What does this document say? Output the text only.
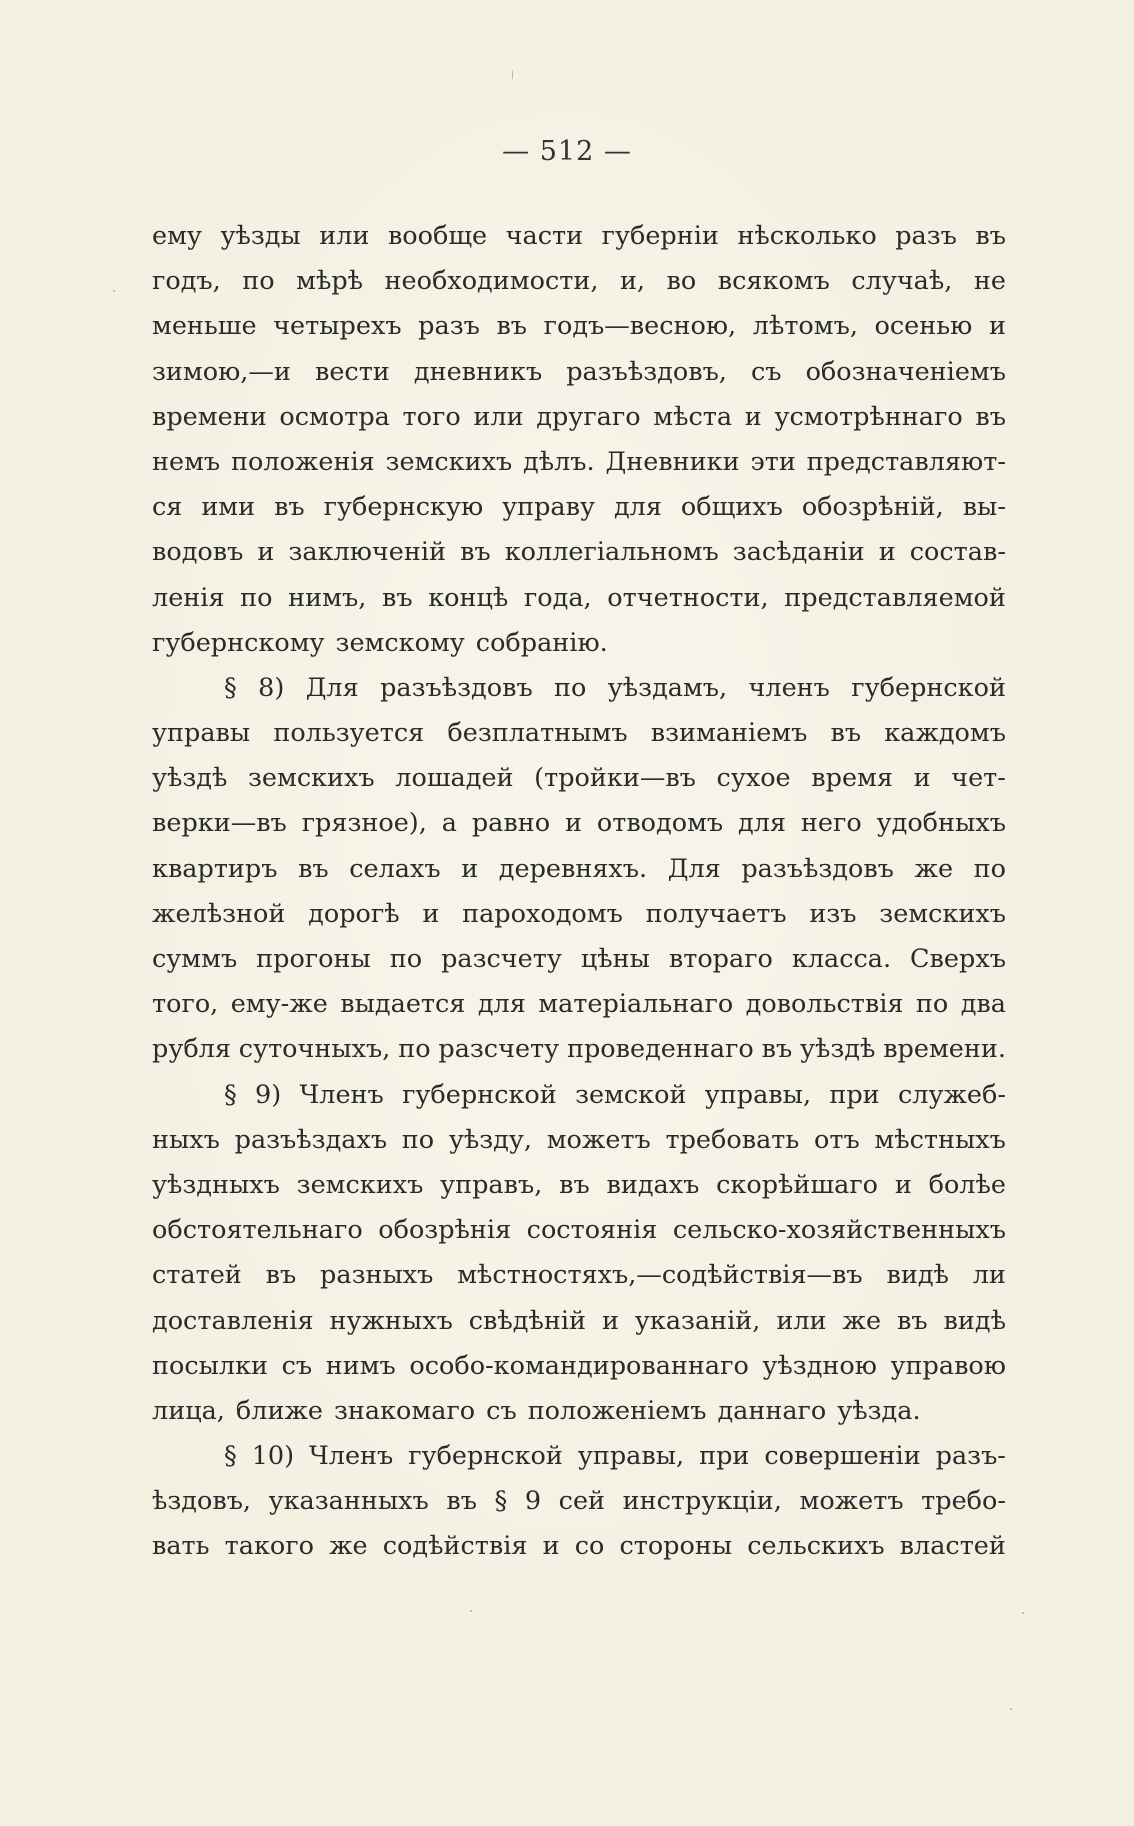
— 512 —
ему уѣзды или вообще части губерніи нѣсколько разъ въ
годъ, по мѣрѣ необходимости, и, во всякомъ случаѣ, не
меньше четырехъ разъ въ годъ—весною, лѣтомъ, осенью и
зимою,—и вести дневникъ разъѣздовъ, съ обозначеніемъ
времени осмотра того или другаго мѣста и усмотрѣннаго въ
немъ положенія земскихъ дѣлъ. Дневники эти представляют-
ся ими въ губернскую управу для общихъ обозрѣній, вы-
водовъ и заключеній въ коллегіальномъ засѣданіи и состав-
ленія по нимъ, въ концѣ года, отчетности, представляемой
губернскому земскому собранію.
§ 8) Для разъѣздовъ по уѣздамъ, членъ губернской
управы пользуется безплатнымъ взиманіемъ въ каждомъ
уѣздѣ земскихъ лошадей (тройки—въ сухое время и чет-
верки—въ грязное), а равно и отводомъ для него удобныхъ
квартиръ въ селахъ и деревняхъ. Для разъѣздовъ же по
желѣзной дорогѣ и пароходомъ получаетъ изъ земскихъ
суммъ прогоны по разсчету цѣны втораго класса. Сверхъ
того, ему-же выдается для матеріальнаго довольствія по два
рубля суточныхъ, по разсчету проведеннаго въ уѣздѣ времени.
§ 9) Членъ губернской земской управы, при служеб-
ныхъ разъѣздахъ по уѣзду, можетъ требовать отъ мѣстныхъ
уѣздныхъ земскихъ управъ, въ видахъ скорѣйшаго и болѣе
обстоятельнаго обозрѣнія состоянія сельско-хозяйственныхъ
статей въ разныхъ мѣстностяхъ,—содѣйствія—въ видѣ ли
доставленія нужныхъ свѣдѣній и указаній, или же въ видѣ
посылки съ нимъ особо-командированнаго уѣздною управою
лица, ближе знакомаго съ положеніемъ даннаго уѣзда.
§ 10) Членъ губернской управы, при совершеніи разъ-
ѣздовъ, указанныхъ въ § 9 сей инструкціи, можетъ требо-
вать такого же содѣйствія и со стороны сельскихъ властей
